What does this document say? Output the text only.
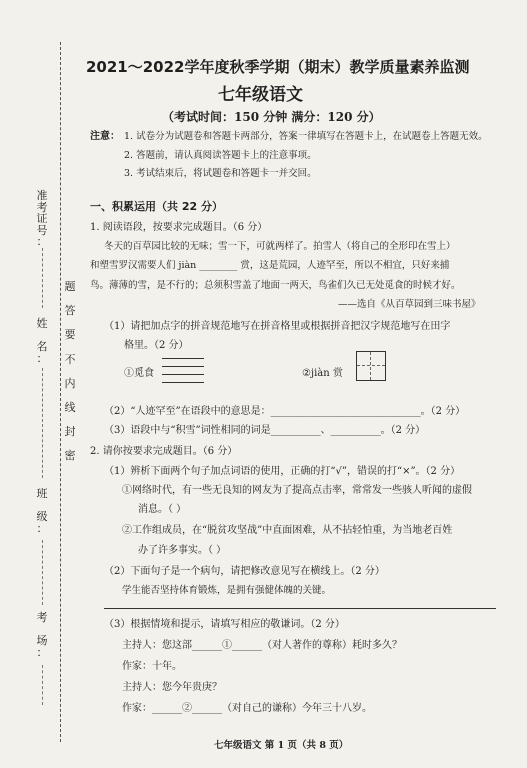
准
考
证
号
：
姓

名
：
班

级
：
考

场
：
题
答
要
不
内
线
封
密
2021～2022学年度秋季学期（期末）教学质量素养监测
七年级语文
（考试时间：150 分钟 满分：120 分）
注意： 1. 试卷分为试题卷和答题卡两部分，答案一律填写在答题卡上，在试题卷上答题无效。
2. 答题前，请认真阅读答题卡上的注意事项。
3. 考试结束后，将试题卷和答题卡一并交回。
一、积累运用（共 22 分）
1. 阅读语段，按要求完成题目。（6 分）
冬天的百草园比较的无味；雪一下，可就两样了。拍雪人（将自己的全形印在雪上）
和塑雪罗汉需要人们 jiàn ________ 赏，这是荒园，人迹罕至，所以不相宜，只好来捕
鸟。薄薄的雪，是不行的；总须积雪盖了地面一两天，鸟雀们久已无处觅食的时候才好。
——选自《从百草园到三味书屋》
（1）请把加点字的拼音规范地写在拼音格里或根据拼音把汉字规范地写在田字
格里。（2 分）
①觅食	②jiàn 赏
（2）“人迹罕至”在语段中的意思是：______________________________。（2 分）
（3）语段中与“积雪”词性相同的词是__________、__________。（2 分）
2. 请你按要求完成题目。（6 分）
（1）辨析下面两个句子加点词语的使用，正确的打“√”，错误的打“×”。（2 分）
①网络时代，有一些无良知的网友为了提高点击率，常常发一些骇人听闻的虚假
消息。（ ）
②工作组成员，在“脱贫攻坚战”中直面困难，从不拈轻怕重，为当地老百姓
办了许多事实。（ ）
（2）下面句子是一个病句，请把修改意见写在横线上。（2 分）
学生能否坚持体育锻炼，是拥有强健体魄的关键。
（3）根据情境和提示，请填写相应的敬谦词。（2 分）
主持人：您这部______①______（对人著作的尊称）耗时多久？
作家：十年。
主持人：您今年贵庚？
作家：______②______（对自己的谦称）今年三十八岁。
七年级语文 第 1 页（共 8 页）
